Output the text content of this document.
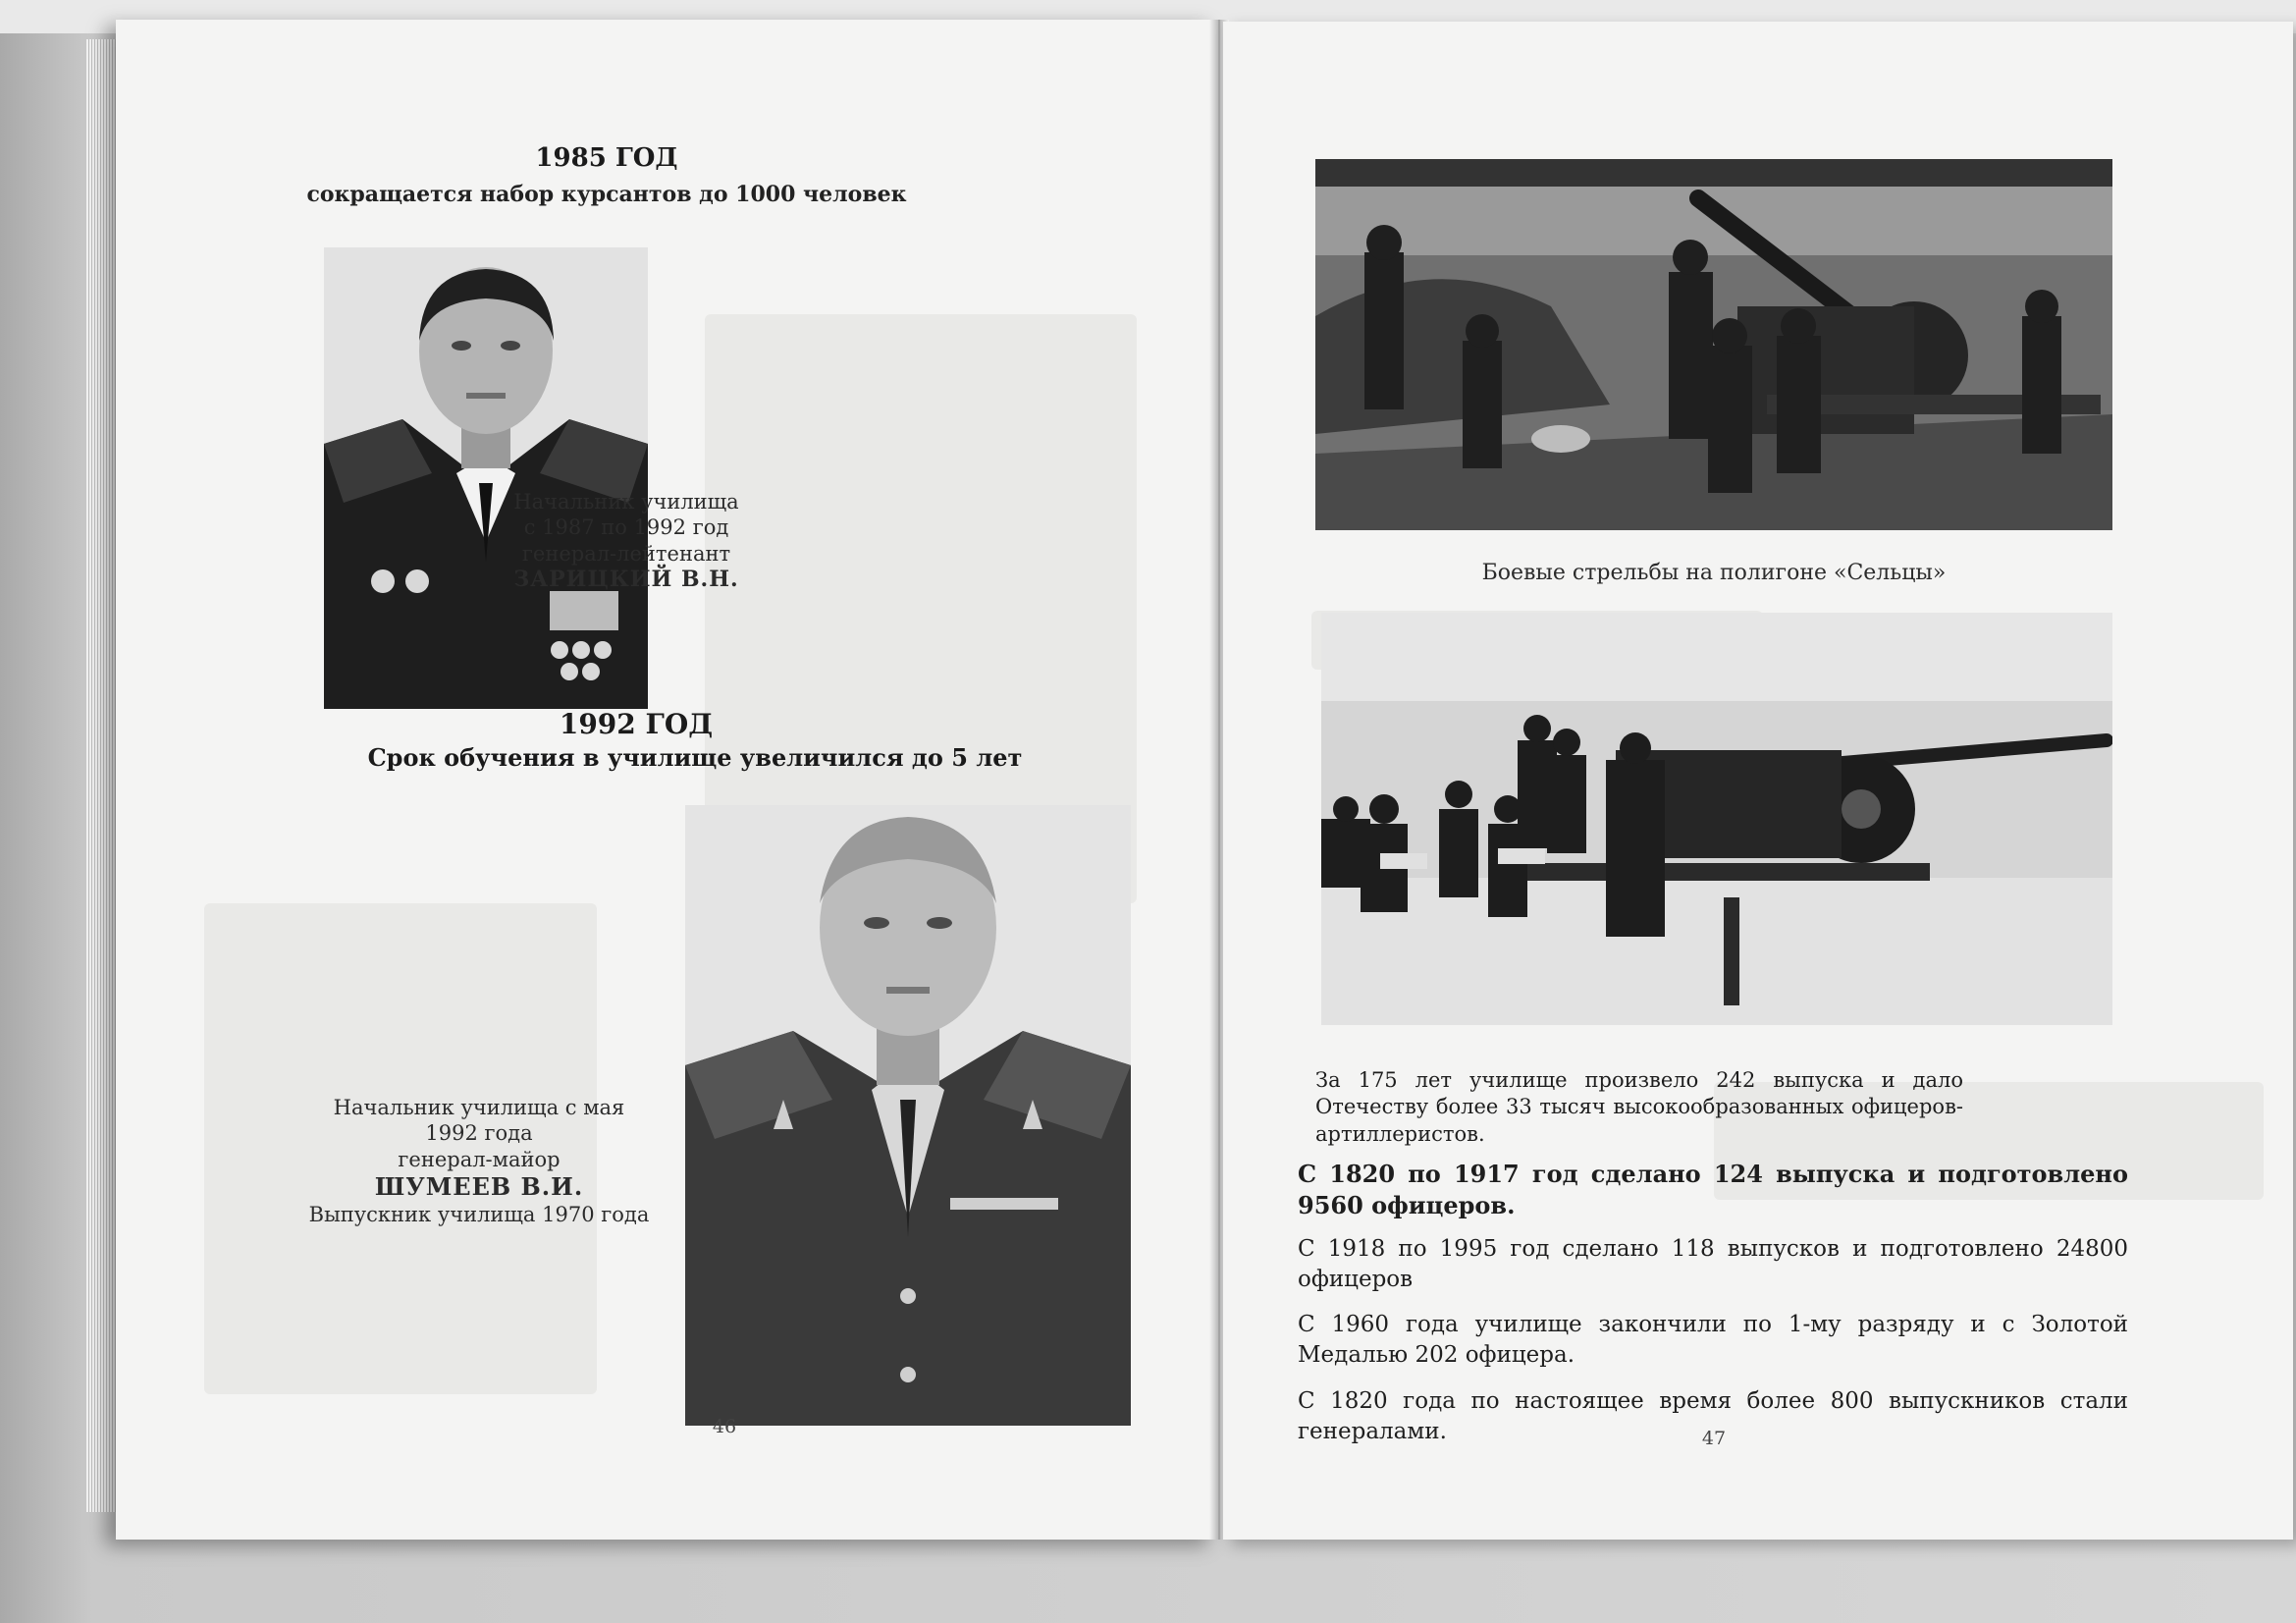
1985 ГОД
сокращается набор курсантов до 1000 человек
Начальник училища
с 1987 по 1992 год
генерал-лейтенант
ЗАРИЦКИЙ В.Н.
1992 ГОД
Срок обучения в училище увеличился до 5 лет
Начальник училища с мая
1992 года
генерал-майор
ШУМЕЕВ В.И.
Выпускник училища 1970 года
46
Боевые стрельбы на полигоне «Сельцы»
За 175 лет училище произвело 242 выпуска и дало Отечеству более 33 тысяч высокообразованных офицеров-артиллеристов.
С 1820 по 1917 год сделано 124 выпуска и подготовлено 9560 офицеров.
С 1918 по 1995 год сделано 118 выпусков и подготовлено 24800 офицеров
С 1960 года училище закончили по 1-му разряду и с Золотой Медалью 202 офицера.
С 1820 года по настоящее время более 800 выпускников стали генералами.	47
